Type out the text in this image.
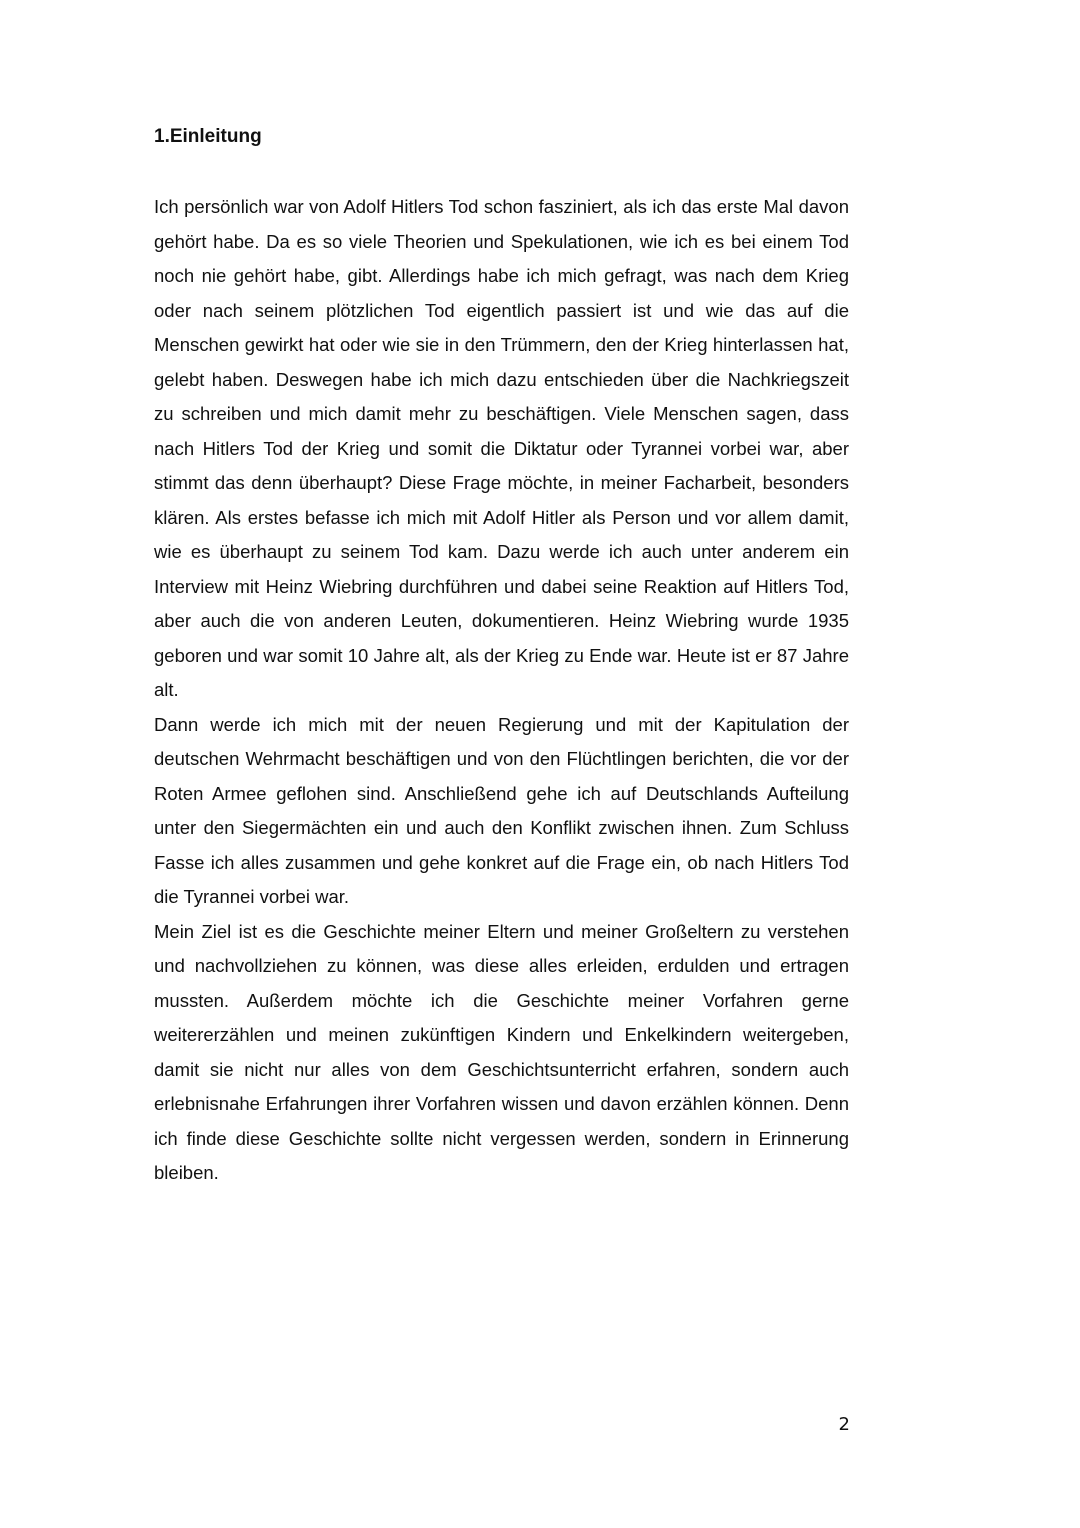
1.Einleitung

Ich persönlich war von Adolf Hitlers Tod schon fasziniert, als ich das erste Mal davon gehört habe. Da es so viele Theorien und Spekulationen, wie ich es bei einem Tod noch nie gehört habe, gibt. Allerdings habe ich mich gefragt, was nach dem Krieg oder nach seinem plötzlichen Tod eigentlich passiert ist und wie das auf die Menschen gewirkt hat oder wie sie in den Trümmern, den der Krieg hinterlassen hat, gelebt haben. Deswegen habe ich mich dazu entschieden über die Nachkriegszeit zu schreiben und mich damit mehr zu beschäftigen. Viele Menschen sagen, dass nach Hitlers Tod der Krieg und somit die Diktatur oder Tyrannei vorbei war, aber stimmt das denn überhaupt? Diese Frage möchte, in meiner Facharbeit, besonders klären. Als erstes befasse ich mich mit Adolf Hitler als Person und vor allem damit, wie es überhaupt zu seinem Tod kam. Dazu werde ich auch unter anderem ein Interview mit Heinz Wiebring durchführen und dabei seine Reaktion auf Hitlers Tod, aber auch die von anderen Leuten, dokumentieren. Heinz Wiebring wurde 1935 geboren und war somit 10 Jahre alt, als der Krieg zu Ende war. Heute ist er 87 Jahre alt.

Dann werde ich mich mit der neuen Regierung und mit der Kapitulation der deutschen Wehrmacht beschäftigen und von den Flüchtlingen berichten, die vor der Roten Armee geflohen sind. Anschließend gehe ich auf Deutschlands Aufteilung unter den Siegermächten ein und auch den Konflikt zwischen ihnen. Zum Schluss Fasse ich alles zusammen und gehe konkret auf die Frage ein, ob nach Hitlers Tod die Tyrannei vorbei war.

Mein Ziel ist es die Geschichte meiner Eltern und meiner Großeltern zu verstehen und nachvollziehen zu können, was diese alles erleiden, erdulden und ertragen mussten. Außerdem möchte ich die Geschichte meiner Vorfahren gerne weitererzählen und meinen zukünftigen Kindern und Enkelkindern weitergeben, damit sie nicht nur alles von dem Geschichtsunterricht erfahren, sondern auch erlebnisnahe Erfahrungen ihrer Vorfahren wissen und davon erzählen können. Denn ich finde diese Geschichte sollte nicht vergessen werden, sondern in Erinnerung bleiben.

2
